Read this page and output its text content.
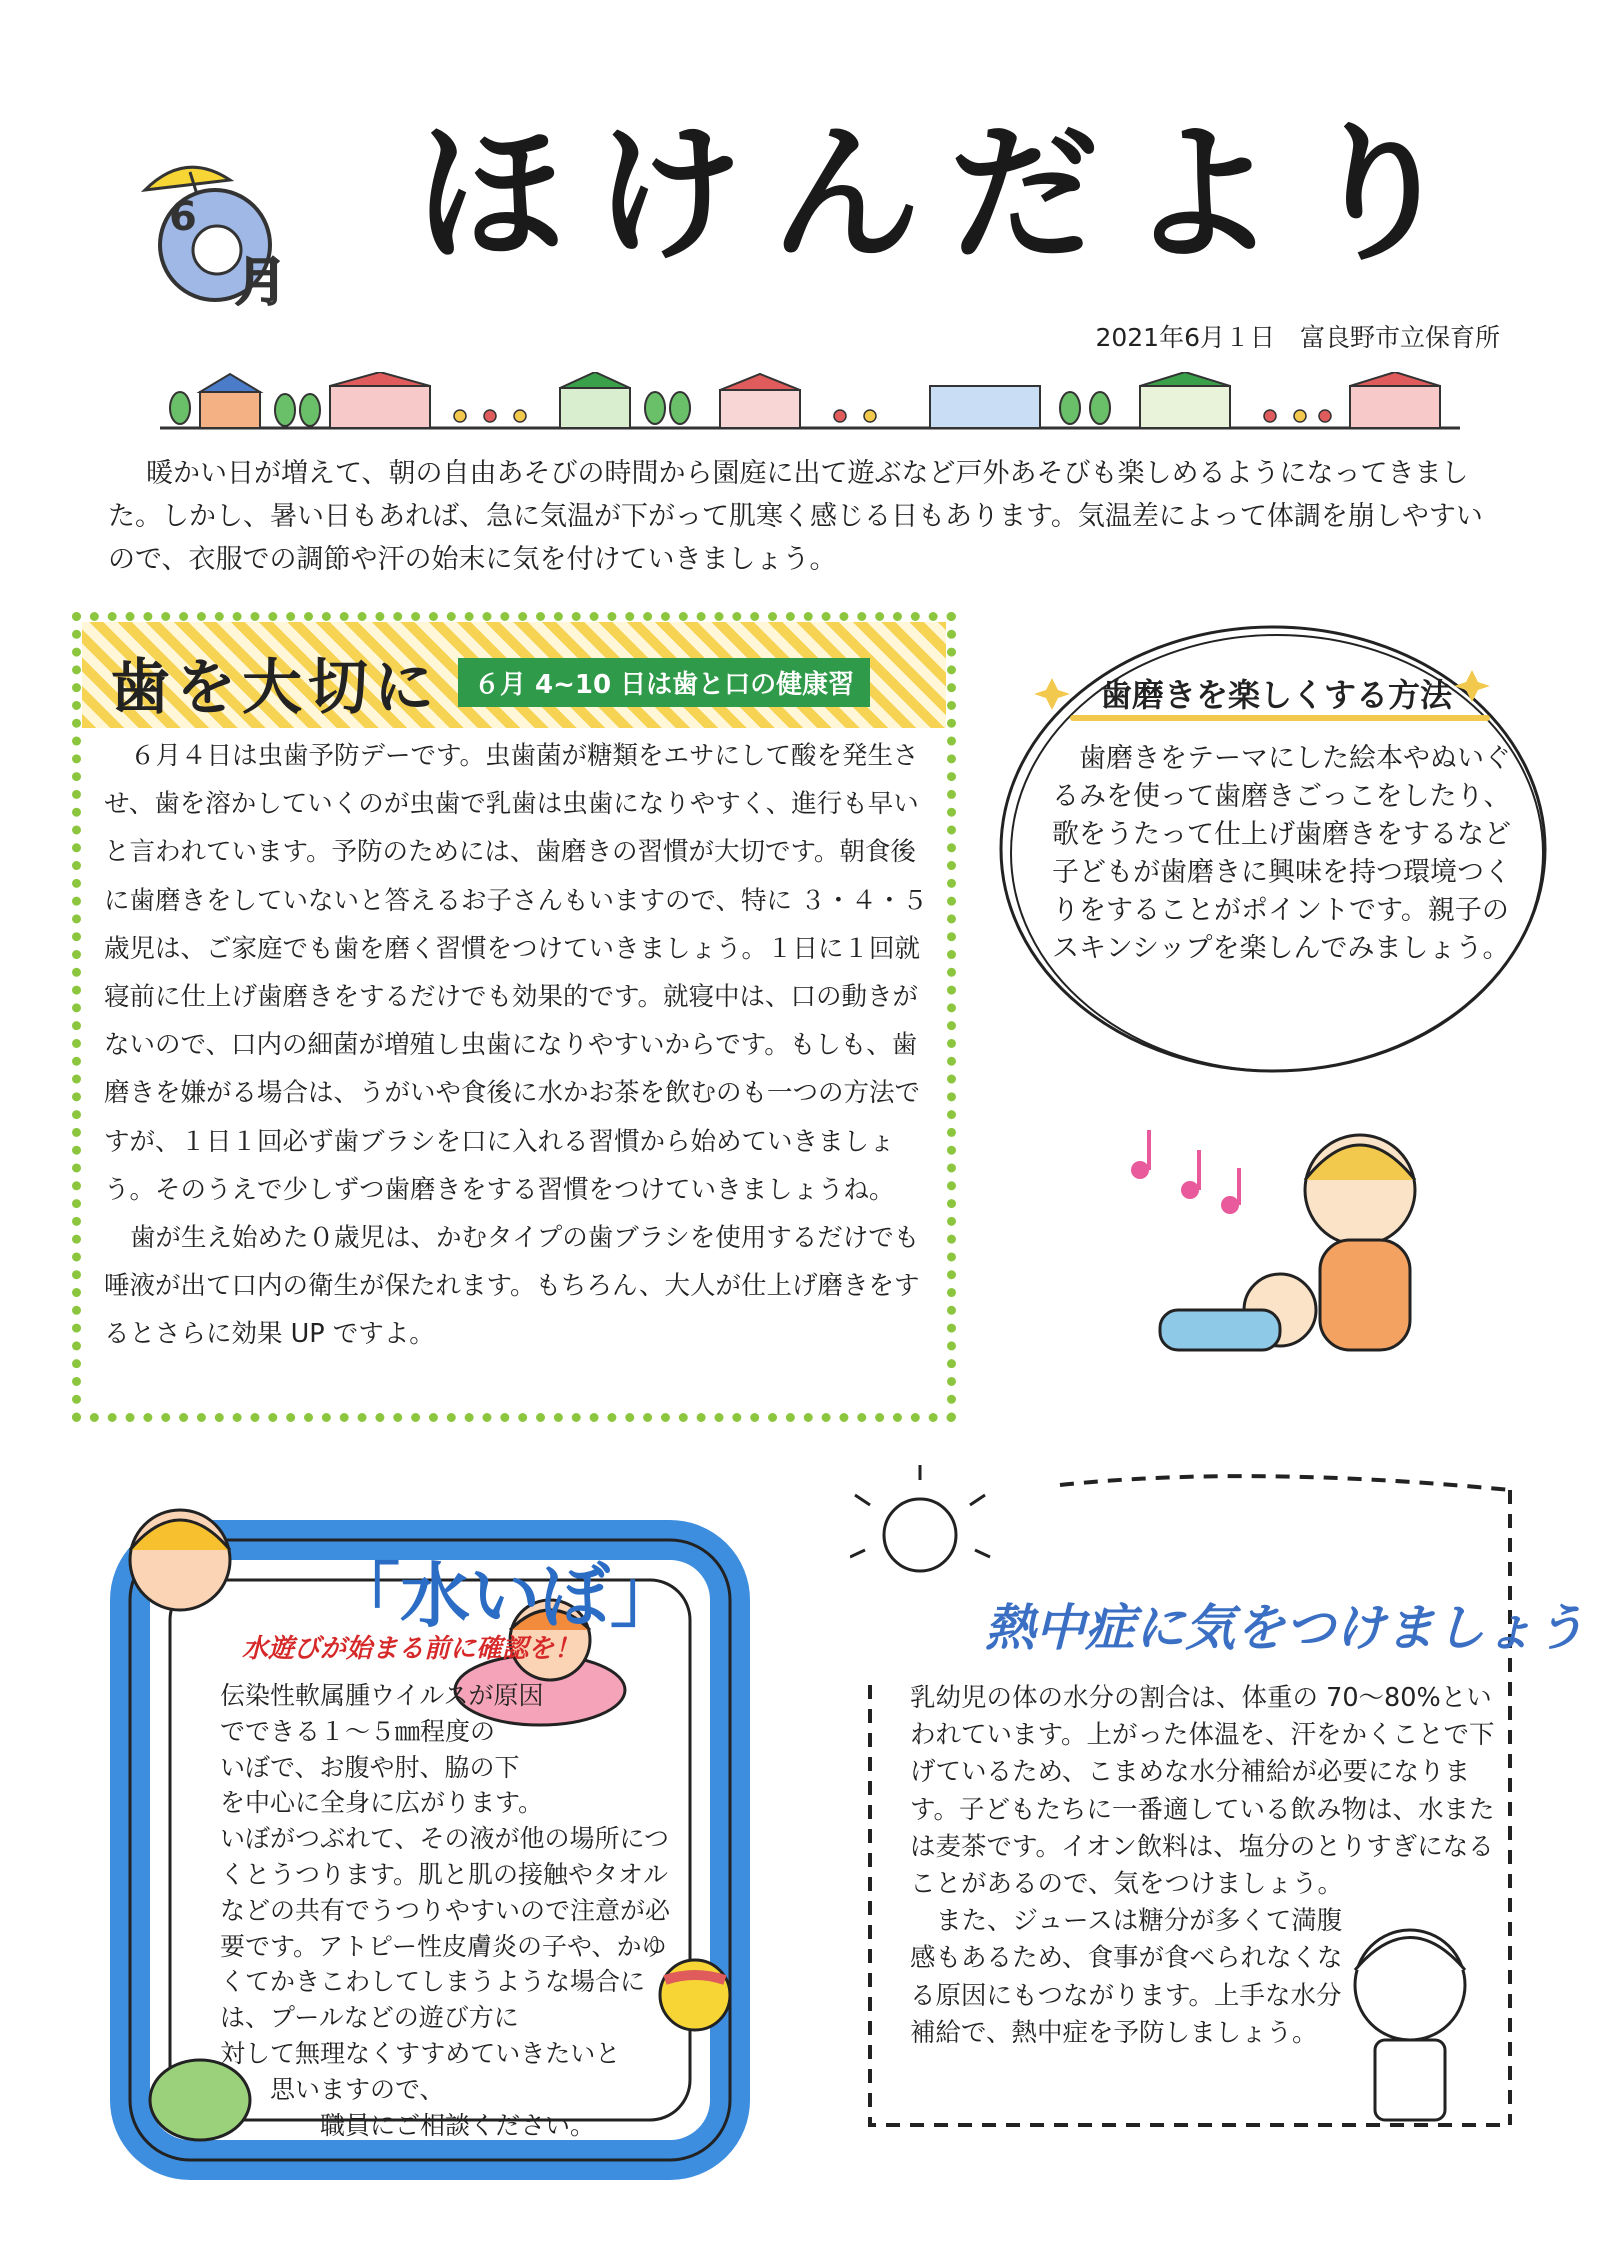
月
6 ほけんだより
2021年6月１日　富良野市立保育所
暖かい日が増えて、朝の自由あそびの時間から園庭に出て遊ぶなど戸外あそびも楽しめるようになってきました。しかし、暑い日もあれば、急に気温が下がって肌寒く感じる日もあります。気温差によって体調を崩しやすいので、衣服での調節や汗の始末に気を付けていきましょう。
歯を大切に	６月 4~10 日は歯と口の健康習

６月４日は虫歯予防デーです。虫歯菌が糖類をエサにして酸を発生させ、歯を溶かしていくのが虫歯で乳歯は虫歯になりやすく、進行も早いと言われています。予防のためには、歯磨きの習慣が大切です。朝食後に歯磨きをしていないと答えるお子さんもいますので、特に ３・４・５ 歳児は、ご家庭でも歯を磨く習慣をつけていきましょう。１日に１回就寝前に仕上げ歯磨きをするだけでも効果的です。就寝中は、口の動きがないので、口内の細菌が増殖し虫歯になりやすいからです。もしも、歯磨きを嫌がる場合は、うがいや食後に水かお茶を飲むのも一つの方法ですが、１日１回必ず歯ブラシを口に入れる習慣から始めていきましょう。そのうえで少しずつ歯磨きをする習慣をつけていきましょうね。

歯が生え始めた０歳児は、かむタイプの歯ブラシを使用するだけでも唾液が出て口内の衛生が保たれます。もちろん、大人が仕上げ磨きをするとさらに効果 UP ですよ。

歯磨きを楽しくする方法

歯磨きをテーマにした絵本やぬいぐるみを使って歯磨きごっこをしたり、歌をうたって仕上げ歯磨きをするなど子どもが歯磨きに興味を持つ環境つくりをすることがポイントです。親子のスキンシップを楽しんでみましょう。

「水いぼ」
水遊びが始まる前に確認を！
伝染性軟属腫ウイルスが原因
でできる１～５㎜程度の
いぼで、お腹や肘、脇の下
を中心に全身に広がります。
いぼがつぶれて、その液が他の場所につ
くとうつります。肌と肌の接触やタオル
などの共有でうつりやすいので注意が必
要です。アトピー性皮膚炎の子や、かゆ
くてかきこわしてしまうような場合に
は、プールなどの遊び方に
対して無理なくすすめていきたいと
　　思いますので、
　　　　職員にご相談ください。
熱中症に気をつけましょう

乳幼児の体の水分の割合は、体重の 70～80%といわれています。上がった体温を、汗をかくことで下げているため、こまめな水分補給が必要になります。子どもたちに一番適している飲み物は、水または麦茶です。イオン飲料は、塩分のとりすぎになることがあるので、気をつけましょう。

また、ジュースは糖分が多くて満腹感もあるため、食事が食べられなくなる原因にもつながります。上手な水分補給で、熱中症を予防しましょう。
